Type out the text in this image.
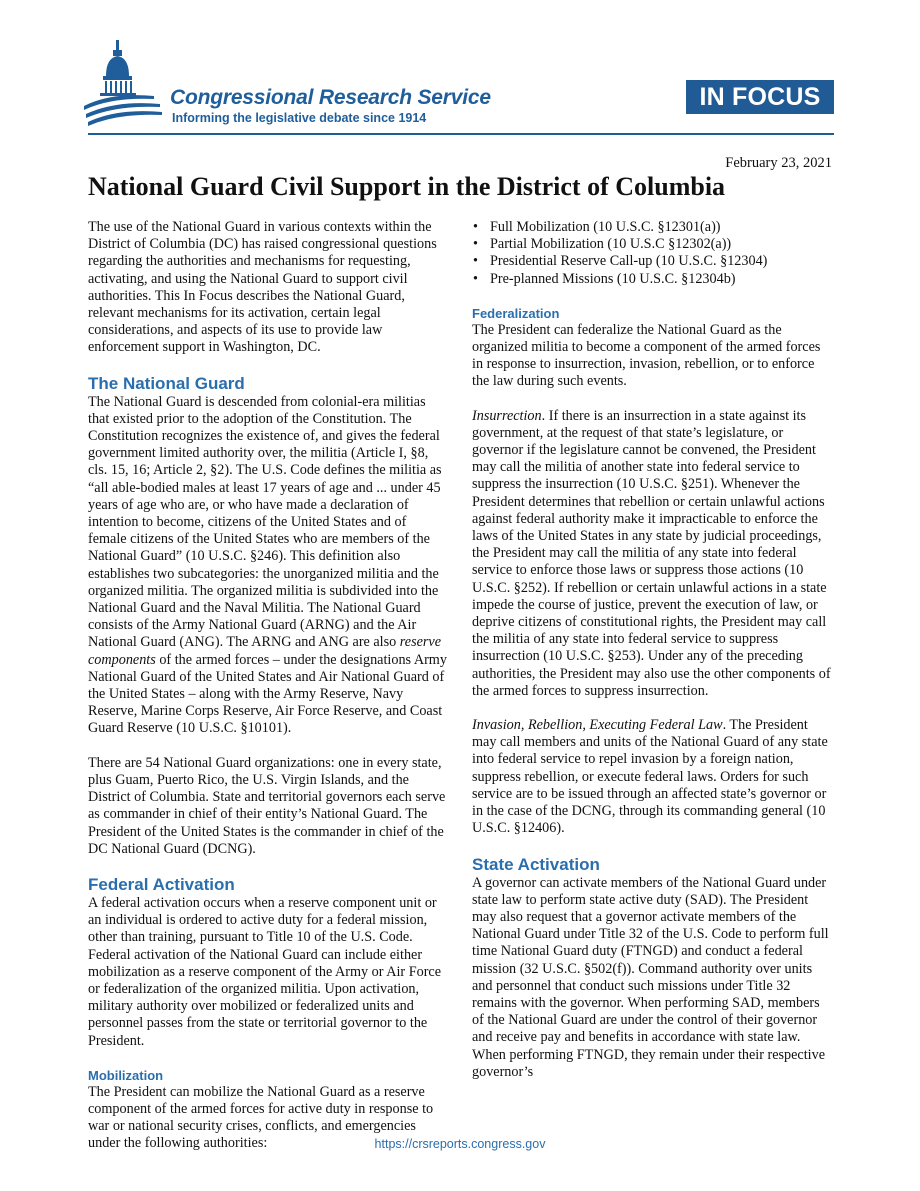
Congressional Research Service
Informing the legislative debate since 1914
IN FOCUS
February 23, 2021
National Guard Civil Support in the District of Columbia

The use of the National Guard in various contexts within the District of Columbia (DC) has raised congressional questions regarding the authorities and mechanisms for requesting, activating, and using the National Guard to support civil authorities. This In Focus describes the National Guard, relevant mechanisms for its activation, certain legal considerations, and aspects of its use to provide law enforcement support in Washington, DC.

The National Guard

The National Guard is descended from colonial-era militias that existed prior to the adoption of the Constitution. The Constitution recognizes the existence of, and gives the federal government limited authority over, the militia (Article I, §8, cls. 15, 16; Article 2, §2). The U.S. Code defines the militia as “all able-bodied males at least 17 years of age and ... under 45 years of age who are, or who have made a declaration of intention to become, citizens of the United States and of female citizens of the United States who are members of the National Guard” (10 U.S.C. §246). This definition also establishes two subcategories: the unorganized militia and the organized militia. The organized militia is subdivided into the National Guard and the Naval Militia. The National Guard consists of the Army National Guard (ARNG) and the Air National Guard (ANG). The ARNG and ANG are also reserve components of the armed forces – under the designations Army National Guard of the United States and Air National Guard of the United States – along with the Army Reserve, Navy Reserve, Marine Corps Reserve, Air Force Reserve, and Coast Guard Reserve (10 U.S.C. §10101).

There are 54 National Guard organizations: one in every state, plus Guam, Puerto Rico, the U.S. Virgin Islands, and the District of Columbia. State and territorial governors each serve as commander in chief of their entity’s National Guard. The President of the United States is the commander in chief of the DC National Guard (DCNG).

Federal Activation

A federal activation occurs when a reserve component unit or an individual is ordered to active duty for a federal mission, other than training, pursuant to Title 10 of the U.S. Code. Federal activation of the National Guard can include either mobilization as a reserve component of the Army or Air Force or federalization of the organized militia. Upon activation, military authority over mobilized or federalized units and personnel passes from the state or territorial governor to the President.

Mobilization

The President can mobilize the National Guard as a reserve component of the armed forces for active duty in response to war or national security crises, conflicts, and emergencies under the following authorities:

• Full Mobilization (10 U.S.C. §12301(a))
• Partial Mobilization (10 U.S.C §12302(a))
• Presidential Reserve Call-up (10 U.S.C. §12304)
• Pre-planned Missions (10 U.S.C. §12304b)
Federalization

The President can federalize the National Guard as the organized militia to become a component of the armed forces in response to insurrection, invasion, rebellion, or to enforce the law during such events.

Insurrection. If there is an insurrection in a state against its government, at the request of that state’s legislature, or governor if the legislature cannot be convened, the President may call the militia of another state into federal service to suppress the insurrection (10 U.S.C. §251). Whenever the President determines that rebellion or certain unlawful actions against federal authority make it impracticable to enforce the laws of the United States in any state by judicial proceedings, the President may call the militia of any state into federal service to enforce those laws or suppress those actions (10 U.S.C. §252). If rebellion or certain unlawful actions in a state impede the course of justice, prevent the execution of law, or deprive citizens of constitutional rights, the President may call the militia of any state into federal service to suppress insurrection (10 U.S.C. §253). Under any of the preceding authorities, the President may also use the other components of the armed forces to suppress insurrection.

Invasion, Rebellion, Executing Federal Law. The President may call members and units of the National Guard of any state into federal service to repel invasion by a foreign nation, suppress rebellion, or execute federal laws. Orders for such service are to be issued through an affected state’s governor or in the case of the DCNG, through its commanding general (10 U.S.C. §12406).

State Activation

A governor can activate members of the National Guard under state law to perform state active duty (SAD). The President may also request that a governor activate members of the National Guard under Title 32 of the U.S. Code to perform full time National Guard duty (FTNGD) and conduct a federal mission (32 U.S.C. §502(f)). Command authority over units and personnel that conduct such missions under Title 32 remains with the governor. When performing SAD, members of the National Guard are under the control of their governor and receive pay and benefits in accordance with state law. When performing FTNGD, they remain under their respective governor’s

https://crsreports.congress.gov
